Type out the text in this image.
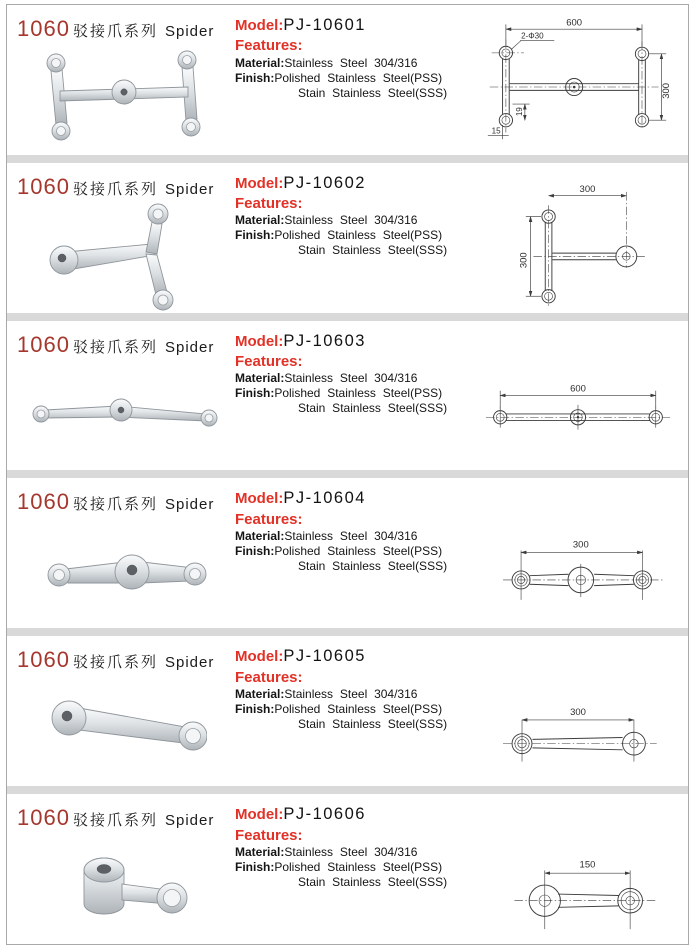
1060 驳接爪系列 Spider	Model:PJ-10601
Features:
Material:Stainless Steel 304/316
Finish:Polished Stainless Steel(PSS)
Stain Stainless Steel(SSS)
600
2-Φ30
300
19
15
1060 驳接爪系列 Spider	Model:PJ-10602
Features:
Material:Stainless Steel 304/316
Finish:Polished Stainless Steel(PSS)
Stain Stainless Steel(SSS)
300
300
1060 驳接爪系列 Spider	Model:PJ-10603
Features:
Material:Stainless Steel 304/316
Finish:Polished Stainless Steel(PSS)
Stain Stainless Steel(SSS)
600
1060 驳接爪系列 Spider	Model:PJ-10604
Features:
Material:Stainless Steel 304/316
Finish:Polished Stainless Steel(PSS)
Stain Stainless Steel(SSS)
300
1060 驳接爪系列 Spider	Model:PJ-10605
Features:
Material:Stainless Steel 304/316
Finish:Polished Stainless Steel(PSS)
Stain Stainless Steel(SSS)
300
1060 驳接爪系列 Spider	Model:PJ-10606
Features:
Material:Stainless Steel 304/316
Finish:Polished Stainless Steel(PSS)
Stain Stainless Steel(SSS)
150
